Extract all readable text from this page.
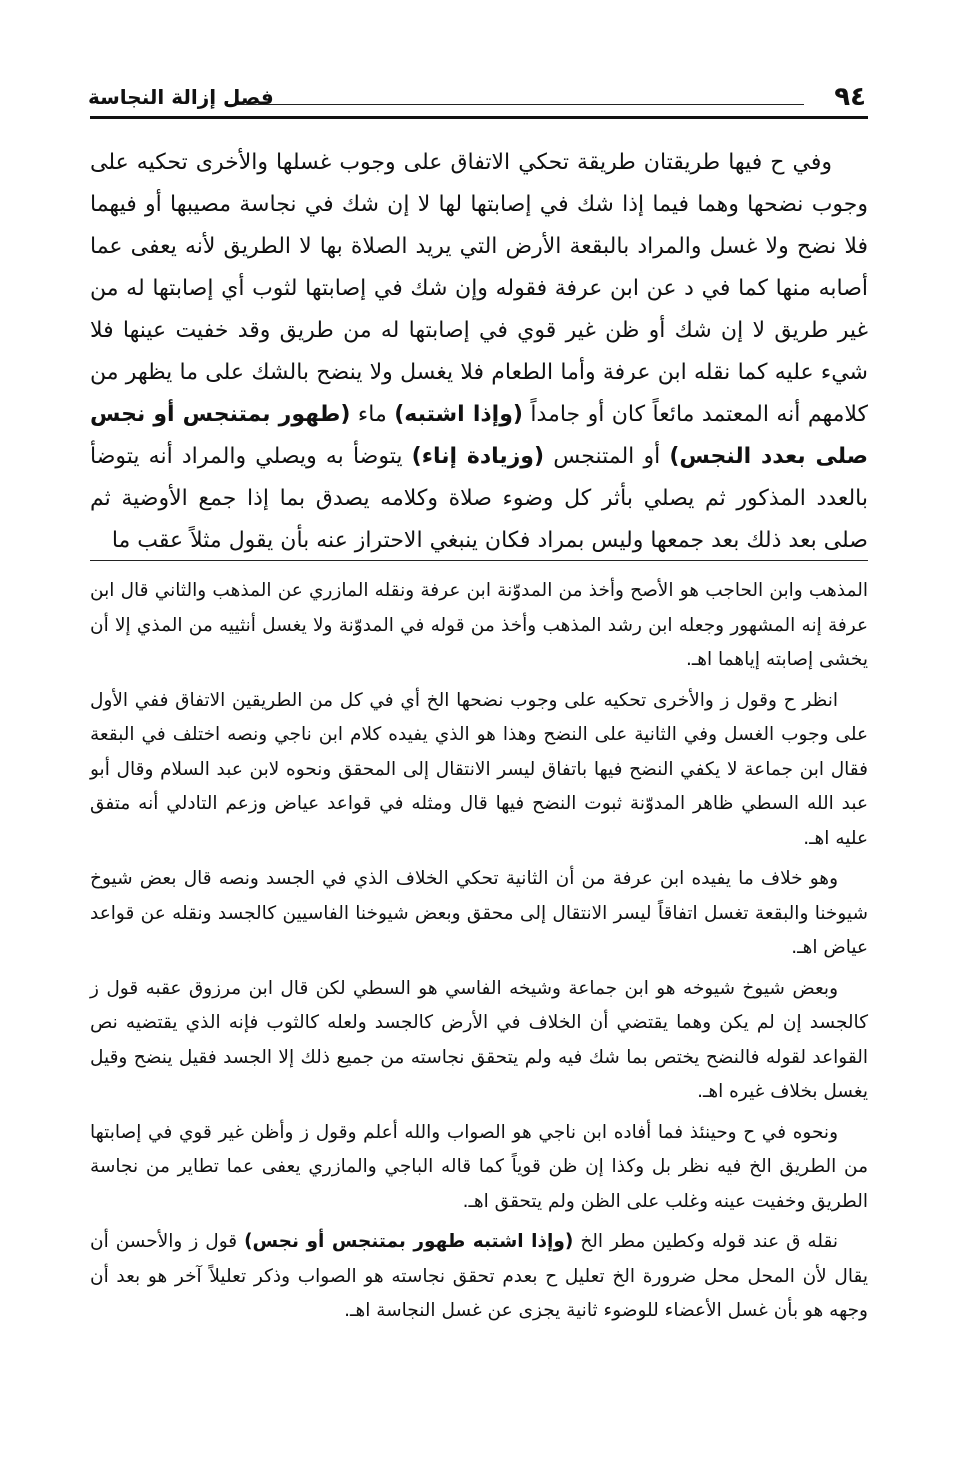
٩٤
فصل إزالة النجاسة

وفي ح فيها طريقتان طريقة تحكي الاتفاق على وجوب غسلها والأخرى تحكيه على وجوب نضحها وهما فيما إذا شك في إصابتها لها لا إن شك في نجاسة مصيبها أو فيهما فلا نضح ولا غسل والمراد بالبقعة الأرض التي يريد الصلاة بها لا الطريق لأنه يعفى عما أصابه منها كما في د عن ابن عرفة فقوله وإن شك في إصابتها لثوب أي إصابتها له من غير طريق لا إن شك أو ظن غير قوي في إصابتها له من طريق وقد خفيت عينها فلا شيء عليه كما نقله ابن عرفة وأما الطعام فلا يغسل ولا ينضح بالشك على ما يظهر من كلامهم أنه المعتمد مائعاً كان أو جامداً (وإذا اشتبه) ماء (طهور بمتنجس أو نجس صلى بعدد النجس) أو المتنجس (وزيادة إناء) يتوضأ به ويصلي والمراد أنه يتوضأ بالعدد المذكور ثم يصلي بأثر كل وضوء صلاة وكلامه يصدق بما إذا جمع الأوضية ثم صلى بعد ذلك بعد جمعها وليس بمراد فكان ينبغي الاحتراز عنه بأن يقول مثلاً عقب ما

المذهب وابن الحاجب هو الأصح وأخذ من المدوّنة ابن عرفة ونقله المازري عن المذهب والثاني قال ابن عرفة إنه المشهور وجعله ابن رشد المذهب وأخذ من قوله في المدوّنة ولا يغسل أنثييه من المذي إلا أن يخشى إصابته إياهما اهـ.

انظر ح وقول ز والأخرى تحكيه على وجوب نضحها الخ أي في كل من الطريقين الاتفاق ففي الأول على وجوب الغسل وفي الثانية على النضح وهذا هو الذي يفيده كلام ابن ناجي ونصه اختلف في البقعة فقال ابن جماعة لا يكفي النضح فيها باتفاق ليسر الانتقال إلى المحقق ونحوه لابن عبد السلام وقال أبو عبد الله السطي ظاهر المدوّنة ثبوت النضح فيها قال ومثله في قواعد عياض وزعم التادلي أنه متفق عليه اهـ.

وهو خلاف ما يفيده ابن عرفة من أن الثانية تحكي الخلاف الذي في الجسد ونصه قال بعض شيوخ شيوخنا والبقعة تغسل اتفاقاً ليسر الانتقال إلى محقق وبعض شيوخنا الفاسيين كالجسد ونقله عن قواعد عياض اهـ.

وبعض شيوخ شيوخه هو ابن جماعة وشيخه الفاسي هو السطي لكن قال ابن مرزوق عقبه قول ز كالجسد إن لم يكن وهما يقتضي أن الخلاف في الأرض كالجسد ولعله كالثوب فإنه الذي يقتضيه نص القواعد لقوله فالنضح يختص بما شك فيه ولم يتحقق نجاسته من جميع ذلك إلا الجسد فقيل ينضح وقيل يغسل بخلاف غيره اهـ.

ونحوه في ح وحينئذ فما أفاده ابن ناجي هو الصواب والله أعلم وقول ز وأظن غير قوي في إصابتها من الطريق الخ فيه نظر بل وكذا إن ظن قوياً كما قاله الباجي والمازري يعفى عما تطاير من نجاسة الطريق وخفيت عينه وغلب على الظن ولم يتحقق اهـ.

نقله ق عند قوله وكطين مطر الخ (وإذا اشتبه طهور بمتنجس أو نجس) قول ز والأحسن أن يقال لأن المحل محل ضرورة الخ تعليل ح بعدم تحقق نجاسته هو الصواب وذكر تعليلاً آخر هو بعد أن وجهه هو بأن غسل الأعضاء للوضوء ثانية يجزى عن غسل النجاسة اهـ.
